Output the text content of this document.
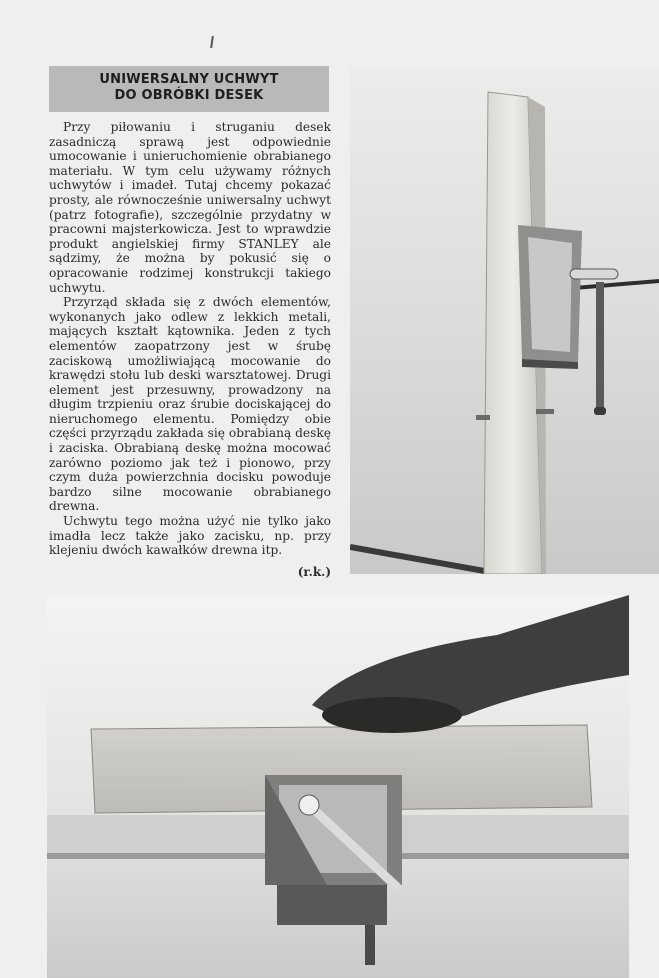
UNIWERSALNY UCHWYT
DO OBRÓBKI DESEK

Przy piłowaniu i struganiu desek zasadniczą sprawą jest odpowiednie umocowanie i unieruchomienie obrabianego materiału. W tym celu używamy różnych uchwytów i imadeł. Tutaj chcemy pokazać prosty, ale równocześnie uniwersalny uchwyt (patrz fotografie), szczególnie przydatny w pracowni majsterkowicza. Jest to wprawdzie produkt angielskiej firmy STANLEY ale sądzimy, że można by pokusić się o opracowanie rodzimej konstrukcji takiego uchwytu.

Przyrząd składa się z dwóch elementów, wykonanych jako odlew z lekkich metali, mających kształt kątownika. Jeden z tych elementów zaopatrzony jest w śrubę zaciskową umożliwiającą mocowanie do krawędzi stołu lub deski warsztatowej. Drugi element jest przesuwny, prowadzony na długim trzpieniu oraz śrubie dociskającej do nieruchomego elementu. Pomiędzy obie części przyrządu zakłada się obrabianą deskę i zaciska. Obrabianą deskę można mocować zarówno poziomo jak też i pionowo, przy czym duża powierzchnia docisku powoduje bardzo silne mocowanie obrabianego drewna.

Uchwytu tego można użyć nie tylko jako imadła lecz także jako zacisku, np. przy klejeniu dwóch kawałków drewna itp.

(r.k.)
